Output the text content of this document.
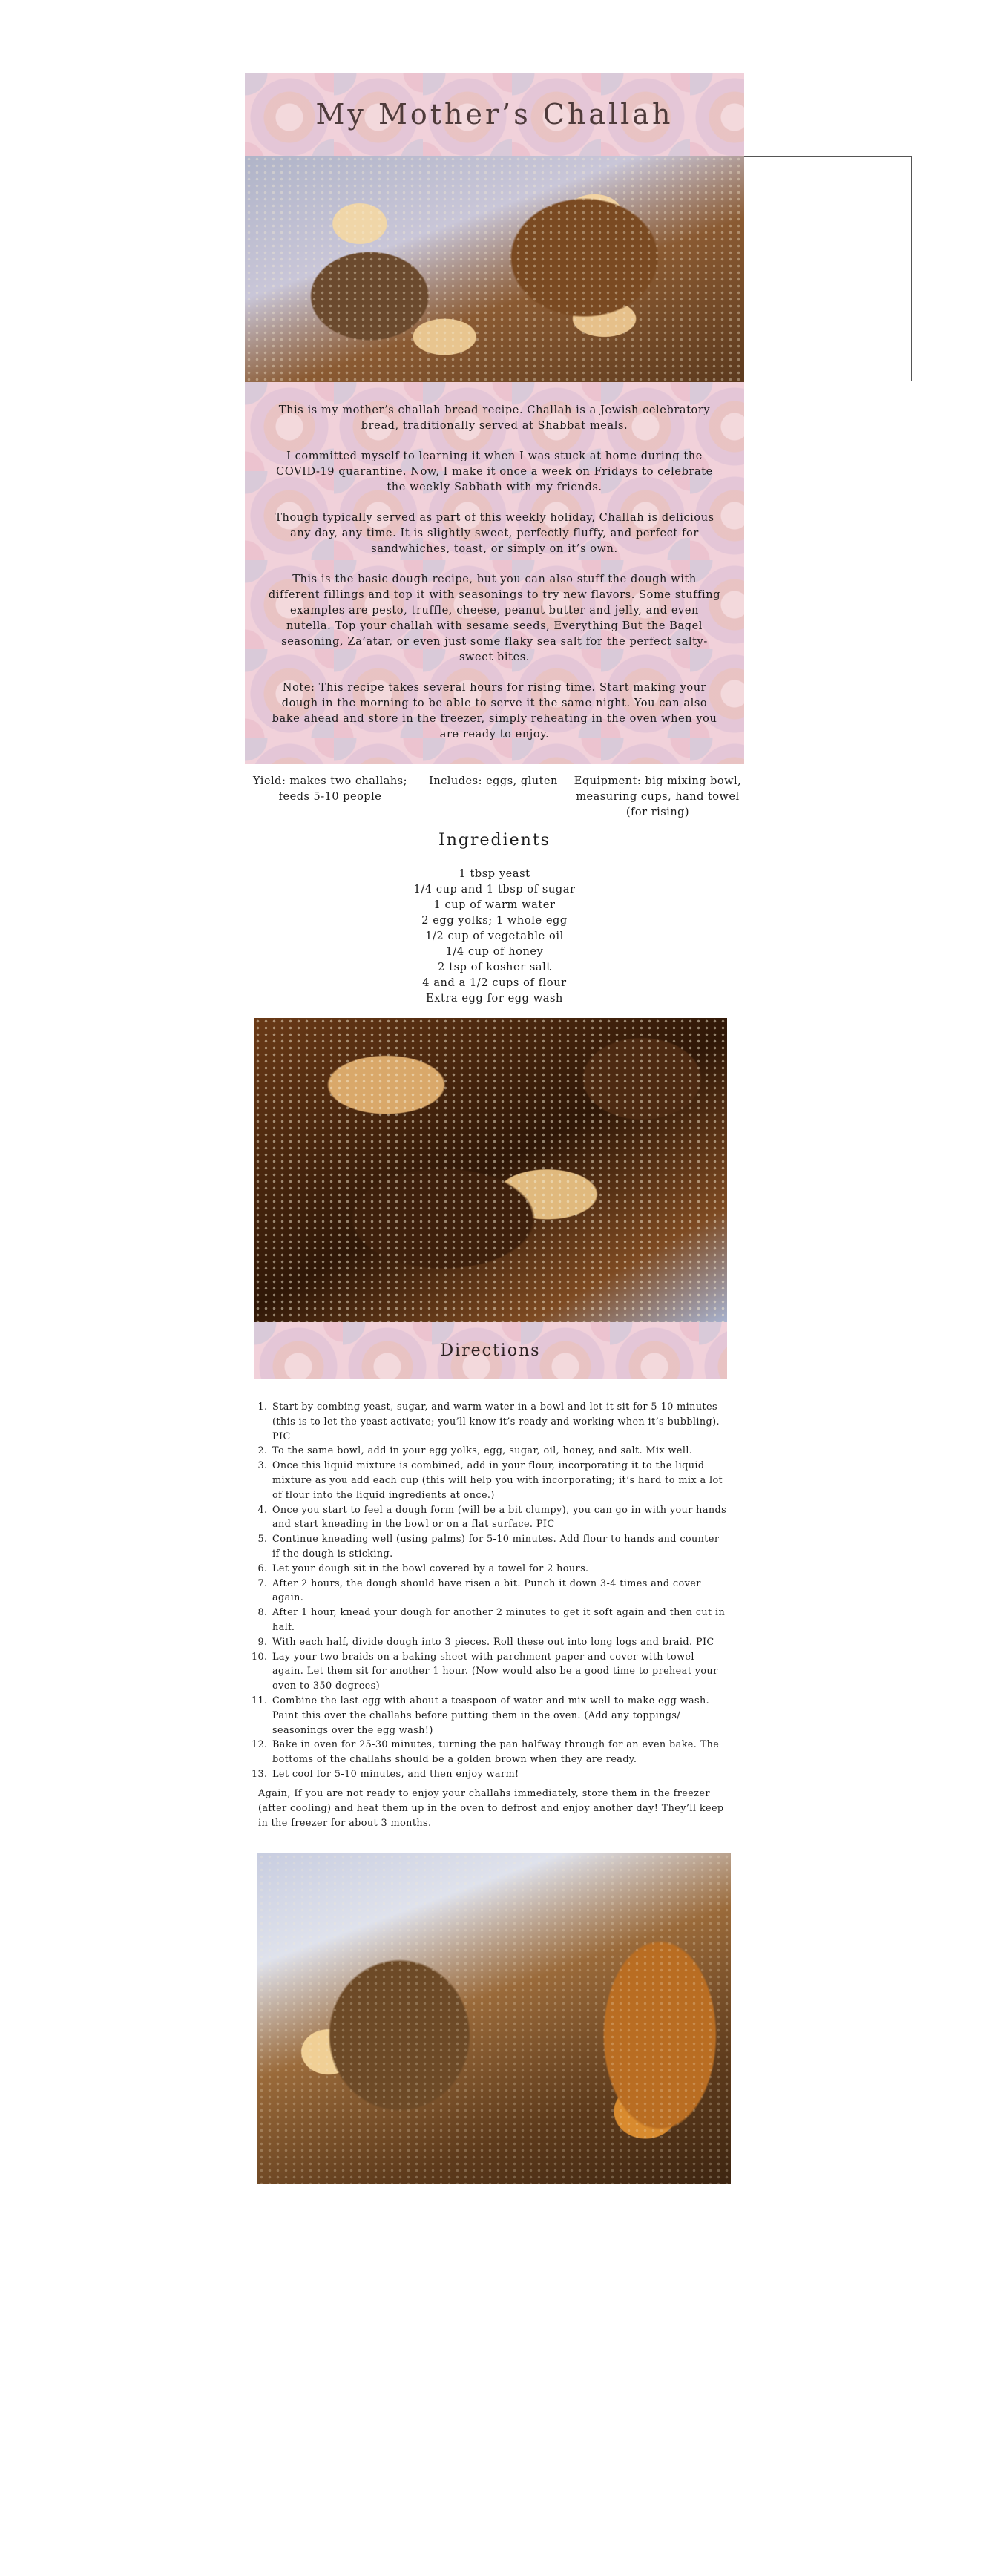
My Mother’s Challah

This is my mother’s challah bread recipe. Challah is a Jewish celebratory bread, traditionally served at Shabbat meals.

I committed myself to learning it when I was stuck at home during the COVID-19 quarantine. Now, I make it once a week on Fridays to celebrate the weekly Sabbath with my friends.

Though typically served as part of this weekly holiday, Challah is delicious any day, any time. It is slightly sweet, perfectly fluffy, and perfect for sandwhiches, toast, or simply on it’s own.

This is the basic dough recipe, but you can also stuff the dough with different fillings and top it with seasonings to try new flavors. Some stuffing examples are pesto, truffle, cheese, peanut butter and jelly, and even nutella. Top your challah with sesame seeds, Everything But the Bagel seasoning, Za’atar, or even just some flaky sea salt for the perfect salty-sweet bites.

Note: This recipe takes several hours for rising time. Start making your dough in the morning to be able to serve it the same night. You can also bake ahead and store in the freezer, simply reheating in the oven when you are ready to enjoy.

Yield: makes two challahs; feeds 5-10 people
Includes: eggs, gluten	Equipment: big mixing bowl, measuring cups, hand towel (for rising)
Ingredients
1 tbsp yeast
1/4 cup and 1 tbsp of sugar
1 cup of warm water
2 egg yolks; 1 whole egg
1/2 cup of vegetable oil
1/4 cup of honey
2 tsp of kosher salt
4 and a 1/2 cups of flour
Extra egg for egg wash
Directions
1. Start by combing yeast, sugar, and warm water in a bowl and let it sit for 5-10 minutes (this is to let the yeast activate; you’ll know it’s ready and working when it’s bubbling). PIC
2. To the same bowl, add in your egg yolks, egg, sugar, oil, honey, and salt. Mix well.
3. Once this liquid mixture is combined, add in your flour, incorporating it to the liquid mixture as you add each cup (this will help you with incorporating; it’s hard to mix a lot of flour into the liquid ingredients at once.)
4. Once you start to feel a dough form (will be a bit clumpy), you can go in with your hands and start kneading in the bowl or on a flat surface. PIC
5. Continue kneading well (using palms) for 5-10 minutes. Add flour to hands and counter if the dough is sticking.
6. Let your dough sit in the bowl covered by a towel for 2 hours.
7. After 2 hours, the dough should have risen a bit. Punch it down 3-4 times and cover again.
8. After 1 hour, knead your dough for another 2 minutes to get it soft again and then cut in half.
9. With each half, divide dough into 3 pieces. Roll these out into long logs and braid. PIC
10. Lay your two braids on a baking sheet with parchment paper and cover with towel again. Let them sit for another 1 hour. (Now would also be a good time to preheat your oven to 350 degrees)
11. Combine the last egg with about a teaspoon of water and mix well to make egg wash. Paint this over the challahs before putting them in the oven. (Add any toppings/ seasonings over the egg wash!)
12. Bake in oven for 25-30 minutes, turning the pan halfway through for an even bake. The bottoms of the challahs should be a golden brown when they are ready.
13. Let cool for 5-10 minutes, and then enjoy warm!

Again, If you are not ready to enjoy your challahs immediately, store them in the freezer (after cooling) and heat them up in the oven to defrost and enjoy another day! They’ll keep in the freezer for about 3 months.
